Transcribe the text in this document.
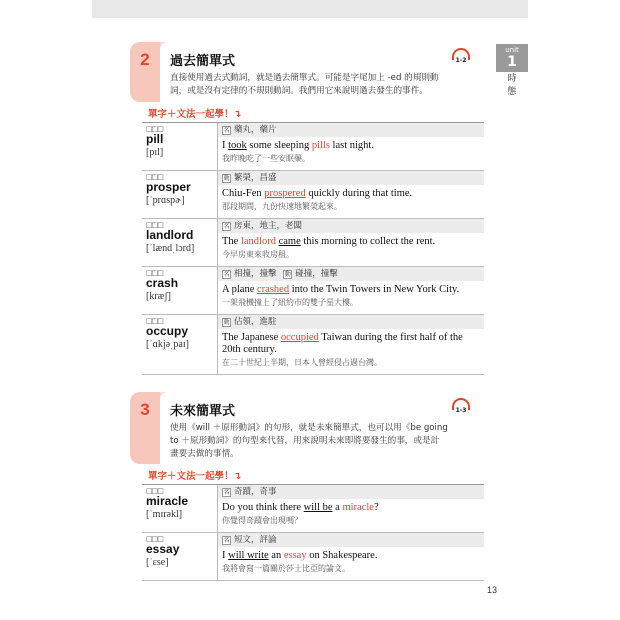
unit
1
時
態
2	過去簡單式
直接使用過去式動詞，就是過去簡單式。可能是字尾加上 -ed 的規則動
詞，或是沒有定律的不規則動詞。我們用它來說明過去發生的事件。
1-2
單字＋文法一起學！↴
□□□
pill
[pɪl]
名 藥丸，藥片
I took some sleeping pills last night.
我昨晚吃了一些安眠藥。
□□□
prosper
[ˈprɑspɚ]
動 繁榮，昌盛
Chiu-Fen prospered quickly during that time.
那段期間，九份快速地繁榮起來。
□□□
landlord
[ˈlændˌlɔrd]
名 房東，地主，老闆
The landlord came this morning to collect the rent.
今早房東來收房租。
□□□
crash
[kræʃ]
名 相撞，撞擊 動 碰撞，撞擊
A plane crashed into the Twin Towers in New York City.
一架飛機撞上了紐約市的雙子星大樓。
□□□
occupy
[ˈɑkjəˌpaɪ]
動 佔領，進駐
The Japanese occupied Taiwan during the first half of the 20th century.
在二十世紀上半期，日本人曾經侵占過台灣。
3	未來簡單式
使用《will ＋原形動詞》的句形，就是未來簡單式，也可以用《be going
to ＋原形動詞》的句型來代替，用來說明未來即將要發生的事，或是計
畫要去做的事情。
1-3
單字＋文法一起學！↴
□□□
miracle
[ˈmɪrəkl]
名 奇蹟，奇事
Do you think there will be a miracle?
你覺得奇蹟會出現嗎？
□□□
essay
[ˈɛse]
名 短文，評論
I will write an essay on Shakespeare.
我將會寫一篇關於莎士比亞的論文。
13
